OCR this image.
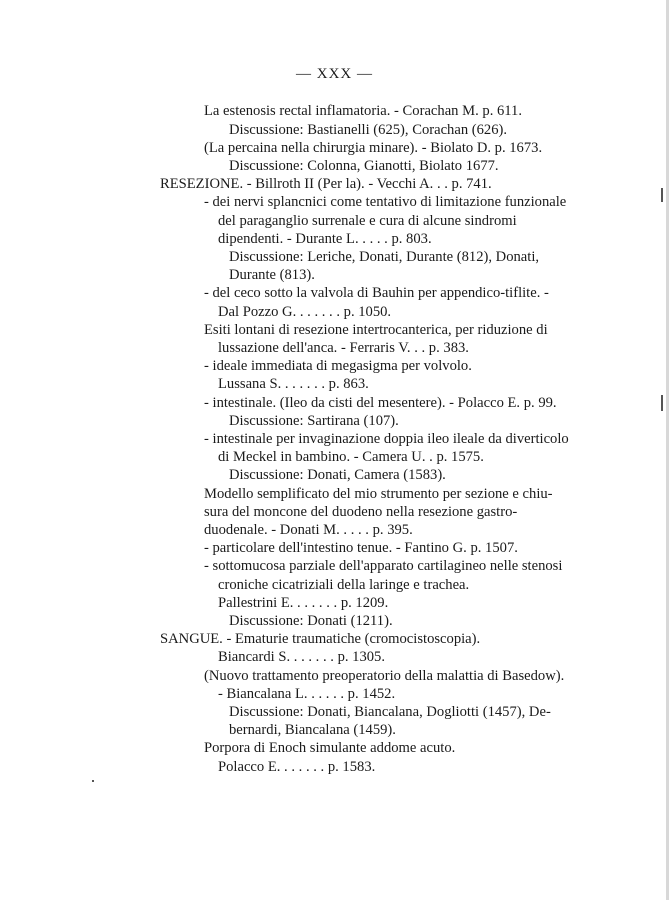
— XXX —
La estenosis rectal inflamatoria. - Corachan M. p. 611.
Discussione: Bastianelli (625), Corachan (626).
(La percaina nella chirurgia minare). - Biolato D. p. 1673.
Discussione: Colonna, Gianotti, Biolato 1677.
RESEZIONE. - Billroth II (Per la). - Vecchi A. . . p. 741.
- dei nervi splancnici come tentativo di limitazione funzionale
del paraganglio surrenale e cura di alcune sindromi
dipendenti. - Durante L. . . . . p. 803.
Discussione: Leriche, Donati, Durante (812), Donati,
Durante (813).
- del ceco sotto la valvola di Bauhin per appendico-tiflite. -
Dal Pozzo G. . . . . . . p. 1050.
Esiti lontani di resezione intertrocanterica, per riduzione di
lussazione dell'anca. - Ferraris V. . . p. 383.
- ideale immediata di megasigma per volvolo.
Lussana S. . . . . . . p. 863.
- intestinale. (Ileo da cisti del mesentere). - Polacco E. p. 99.
Discussione: Sartirana (107).
- intestinale per invaginazione doppia ileo ileale da diverticolo
di Meckel in bambino. - Camera U. . p. 1575.
Discussione: Donati, Camera (1583).
Modello semplificato del mio strumento per sezione e chiu-
sura del moncone del duodeno nella resezione gastro-
duodenale. - Donati M. . . . . p. 395.
- particolare dell'intestino tenue. - Fantino G. p. 1507.
- sottomucosa parziale dell'apparato cartilagineo nelle stenosi
croniche cicatriziali della laringe e trachea.
Pallestrini E. . . . . . . p. 1209.
Discussione: Donati (1211).
SANGUE. - Ematurie traumatiche (cromocistoscopia).
Biancardi S. . . . . . . p. 1305.
(Nuovo trattamento preoperatorio della malattia di Basedow).
- Biancalana L. . . . . . p. 1452.
Discussione: Donati, Biancalana, Dogliotti (1457), De-
bernardi, Biancalana (1459).
Porpora di Enoch simulante addome acuto.
Polacco E. . . . . . . p. 1583.
